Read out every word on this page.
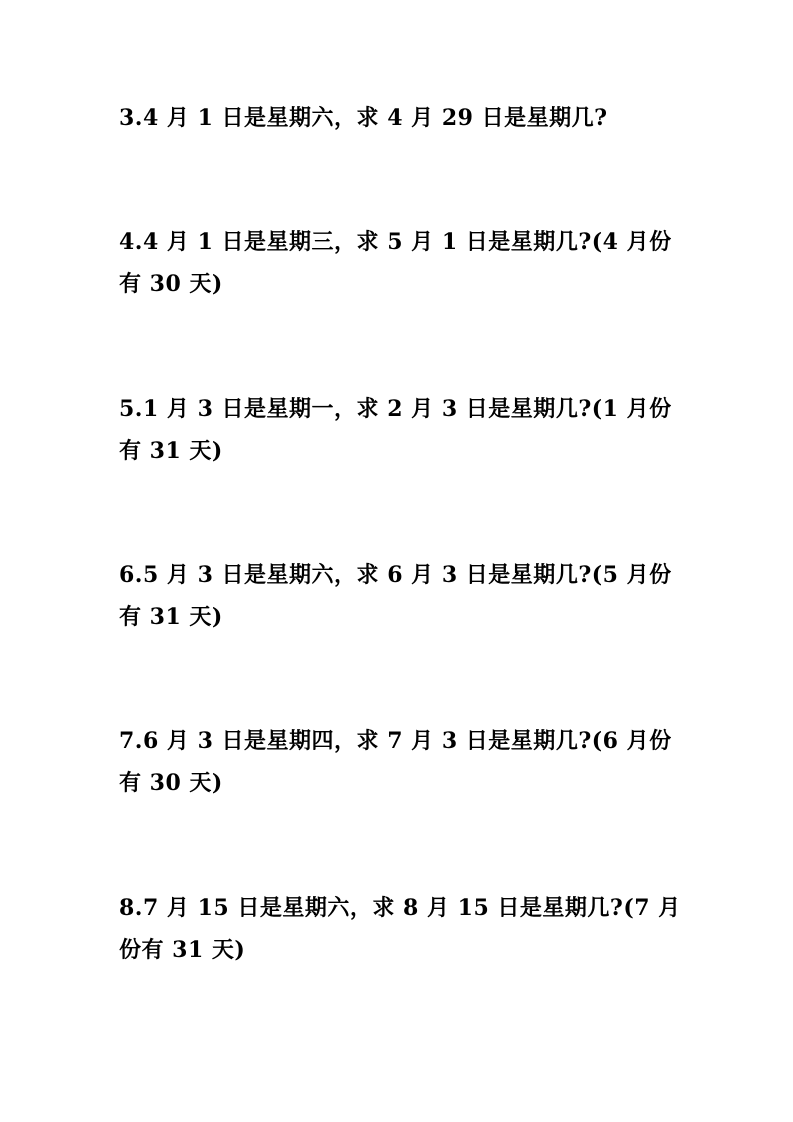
3.4 月 1 日是星期六，求 4 月 29 日是星期几?

4.4 月 1 日是星期三，求 5 月 1 日是星期几?(4 月份
有 30 天)

5.1 月 3 日是星期一，求 2 月 3 日是星期几?(1 月份
有 31 天)

6.5 月 3 日是星期六，求 6 月 3 日是星期几?(5 月份
有 31 天)

7.6 月 3 日是星期四，求 7 月 3 日是星期几?(6 月份
有 30 天)

8.7 月 15 日是星期六，求 8 月 15 日是星期几?(7 月
份有 31 天)
